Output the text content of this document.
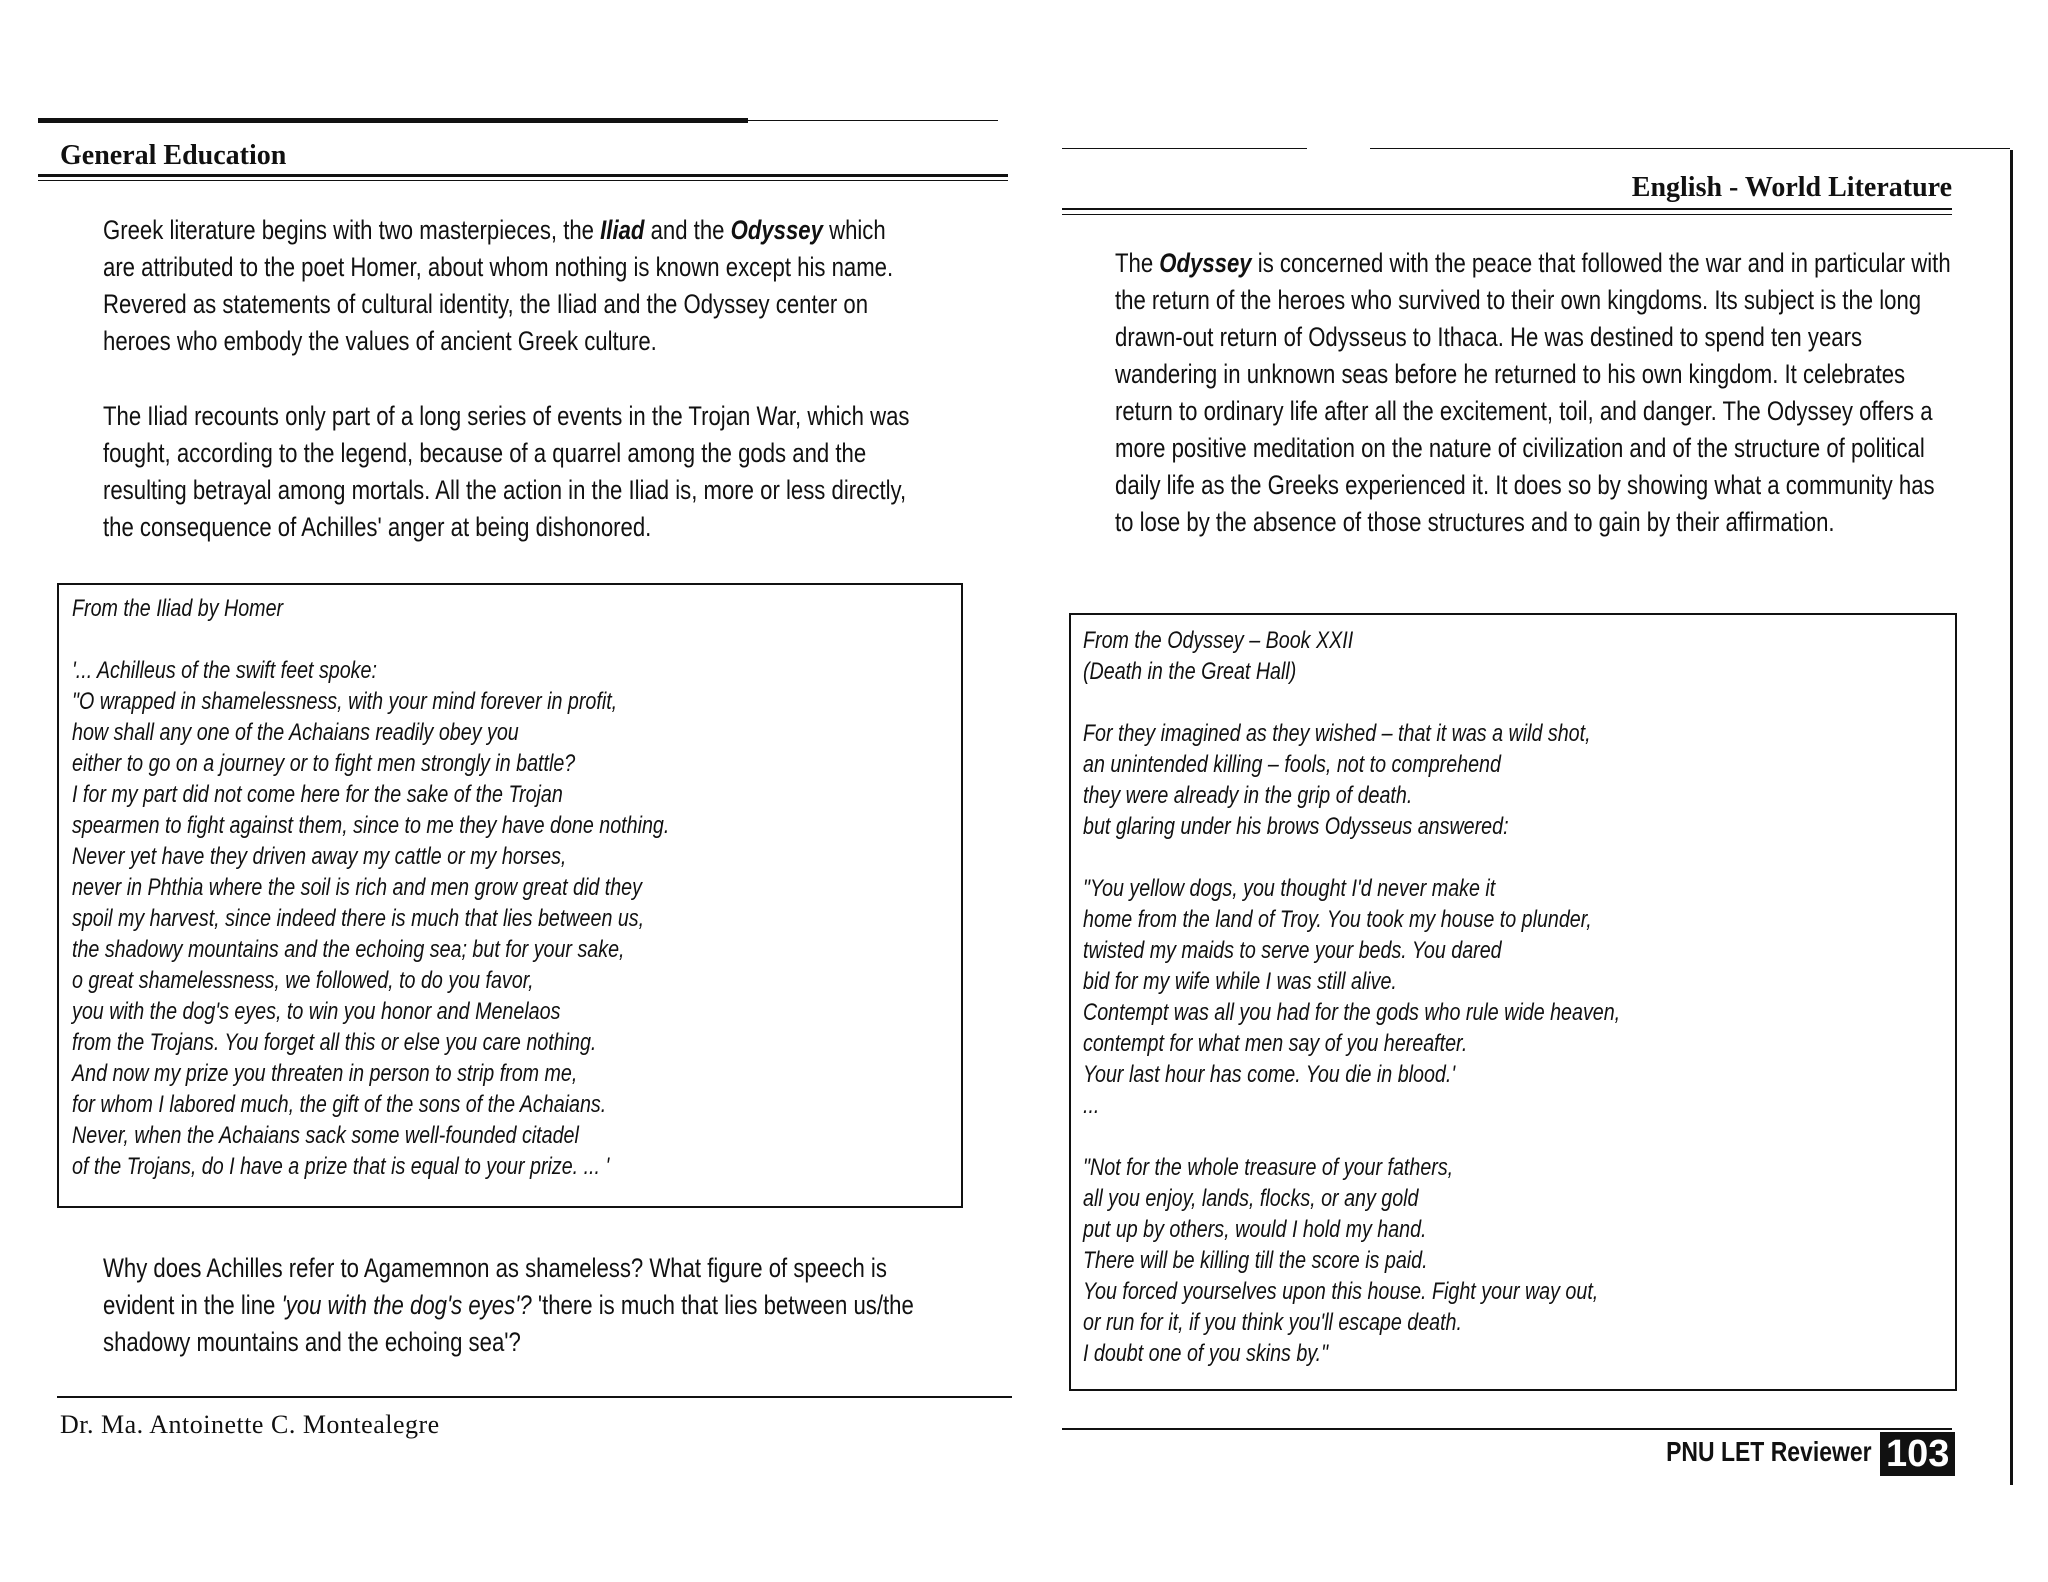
General Education
Greek literature begins with two masterpieces, the Iliad and the Odyssey which are attributed to the poet Homer, about whom nothing is known except his name. Revered as statements of cultural identity, the Iliad and the Odyssey center on heroes who embody the values of ancient Greek culture.
The Iliad recounts only part of a long series of events in the Trojan War, which was fought, according to the legend, because of a quarrel among the gods and the resulting betrayal among mortals. All the action in the Iliad is, more or less directly, the consequence of Achilles' anger at being dishonored.
From the Iliad by Homer
'... Achilleus of the swift feet spoke:
"O wrapped in shamelessness, with your mind forever in profit,
how shall any one of the Achaians readily obey you
either to go on a journey or to fight men strongly in battle?
I for my part did not come here for the sake of the Trojan
spearmen to fight against them, since to me they have done nothing.
Never yet have they driven away my cattle or my horses,
never in Phthia where the soil is rich and men grow great did they
spoil my harvest, since indeed there is much that lies between us,
the shadowy mountains and the echoing sea; but for your sake,
o great shamelessness, we followed, to do you favor,
you with the dog's eyes, to win you honor and Menelaos
from the Trojans. You forget all this or else you care nothing.
And now my prize you threaten in person to strip from me,
for whom I labored much, the gift of the sons of the Achaians.
Never, when the Achaians sack some well-founded citadel
of the Trojans, do I have a prize that is equal to your prize. ... '
Why does Achilles refer to Agamemnon as shameless? What figure of speech is evident in the line 'you with the dog's eyes'? 'there is much that lies between us/the shadowy mountains and the echoing sea'?
Dr. Ma. Antoinette C. Montealegre
English - World Literature
The Odyssey is concerned with the peace that followed the war and in particular with the return of the heroes who survived to their own kingdoms. Its subject is the long drawn-out return of Odysseus to Ithaca. He was destined to spend ten years wandering in unknown seas before he returned to his own kingdom. It celebrates return to ordinary life after all the excitement, toil, and danger. The Odyssey offers a more positive meditation on the nature of civilization and of the structure of political daily life as the Greeks experienced it. It does so by showing what a community has to lose by the absence of those structures and to gain by their affirmation.
From the Odyssey – Book XXII
(Death in the Great Hall)
For they imagined as they wished – that it was a wild shot,
an unintended killing – fools, not to comprehend
they were already in the grip of death.
but glaring under his brows Odysseus answered:
"You yellow dogs, you thought I'd never make it
home from the land of Troy. You took my house to plunder,
twisted my maids to serve your beds. You dared
bid for my wife while I was still alive.
Contempt was all you had for the gods who rule wide heaven,
contempt for what men say of you hereafter.
Your last hour has come. You die in blood.'
...
"Not for the whole treasure of your fathers,
all you enjoy, lands, flocks, or any gold
put up by others, would I hold my hand.
There will be killing till the score is paid.
You forced yourselves upon this house. Fight your way out,
or run for it, if you think you'll escape death.
I doubt one of you skins by."
PNU LET Reviewer 103
